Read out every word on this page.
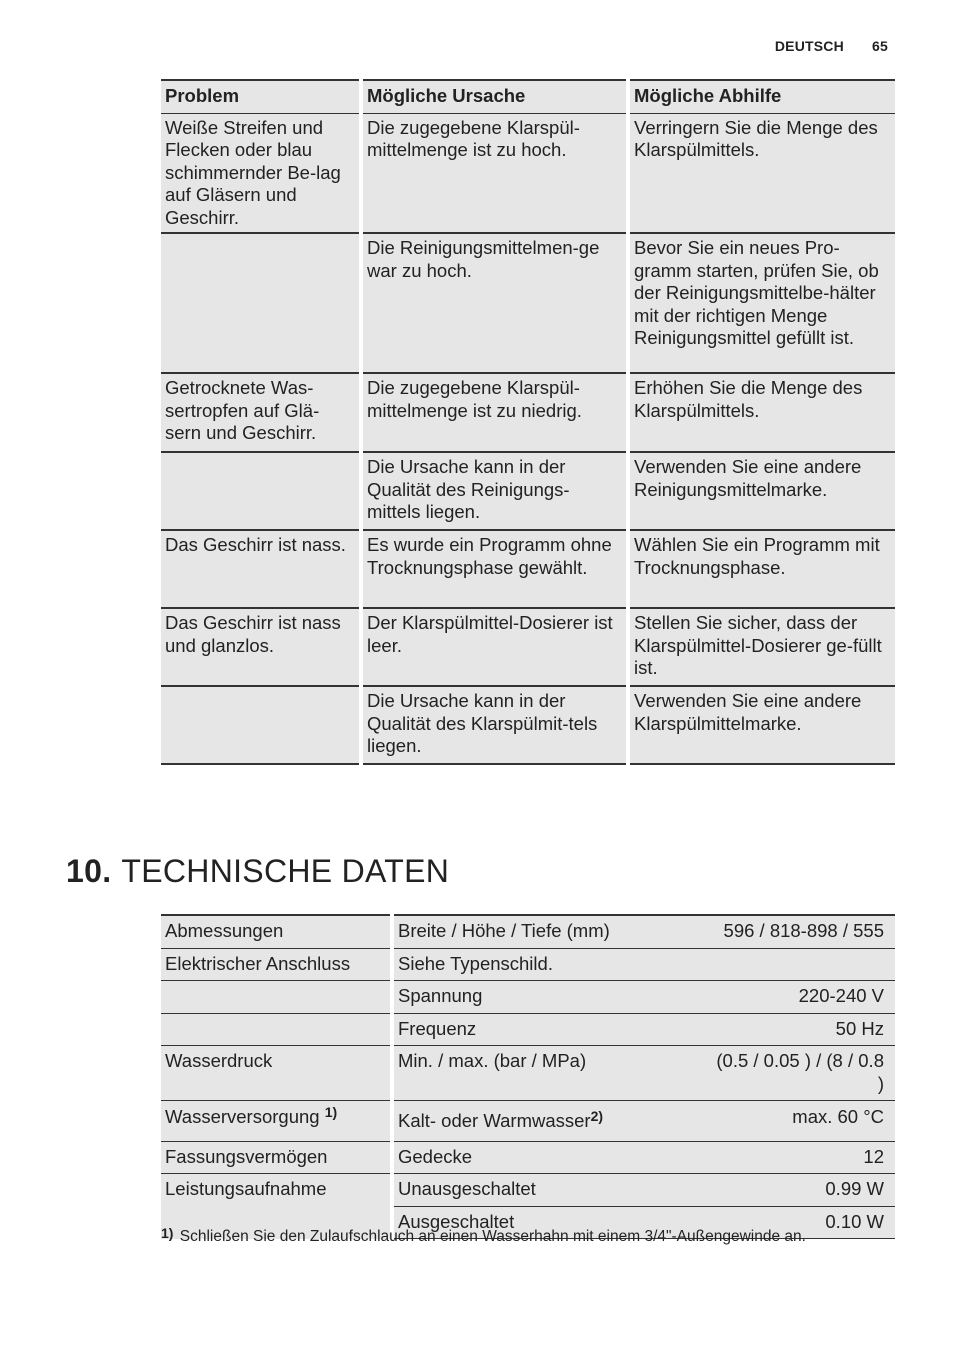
DEUTSCH 65
Problem	Mögliche Ursache	Mögliche Abhilfe
Weiße Streifen und Flecken oder blau schimmernder Be-lag auf Gläsern und Geschirr.	Die zugegebene Klarspül-mittelmenge ist zu hoch.	Verringern Sie die Menge des Klarspülmittels.
	Die Reinigungsmittelmen-ge war zu hoch.	Bevor Sie ein neues Pro-gramm starten, prüfen Sie, ob der Reinigungsmittelbe-hälter mit der richtigen Menge Reinigungsmittel gefüllt ist.
Getrocknete Was-sertropfen auf Glä-sern und Geschirr.	Die zugegebene Klarspül-mittelmenge ist zu niedrig.	Erhöhen Sie die Menge des Klarspülmittels.
	Die Ursache kann in der Qualität des Reinigungs-mittels liegen.	Verwenden Sie eine andere Reinigungsmittelmarke.
Das Geschirr ist nass.	Es wurde ein Programm ohne Trocknungsphase gewählt.	Wählen Sie ein Programm mit Trocknungsphase.
Das Geschirr ist nass und glanzlos.	Der Klarspülmittel-Dosierer ist leer.	Stellen Sie sicher, dass der Klarspülmittel-Dosierer ge-füllt ist.
	Die Ursache kann in der Qualität des Klarspülmit-tels liegen.	Verwenden Sie eine andere Klarspülmittelmarke.
10. TECHNISCHE DATEN
Abmessungen	Breite / Höhe / Tiefe (mm)	596 / 818-898 / 555
Elektrischer Anschluss	Siehe Typenschild.	
	Spannung	220-240 V
	Frequenz	50 Hz
Wasserdruck	Min. / max. (bar / MPa)	(0.5 / 0.05 ) / (8 / 0.8 )
Wasserversorgung $^{1)}$	Kalt- oder Warmwasser$^{2)}$	max. 60 °C
Fassungsvermögen	Gedecke	12
Leistungsaufnahme	Unausgeschaltet	0.99 W
	Ausgeschaltet	0.10 W
1) Schließen Sie den Zulaufschlauch an einen Wasserhahn mit einem 3/4"-Außengewinde an.
